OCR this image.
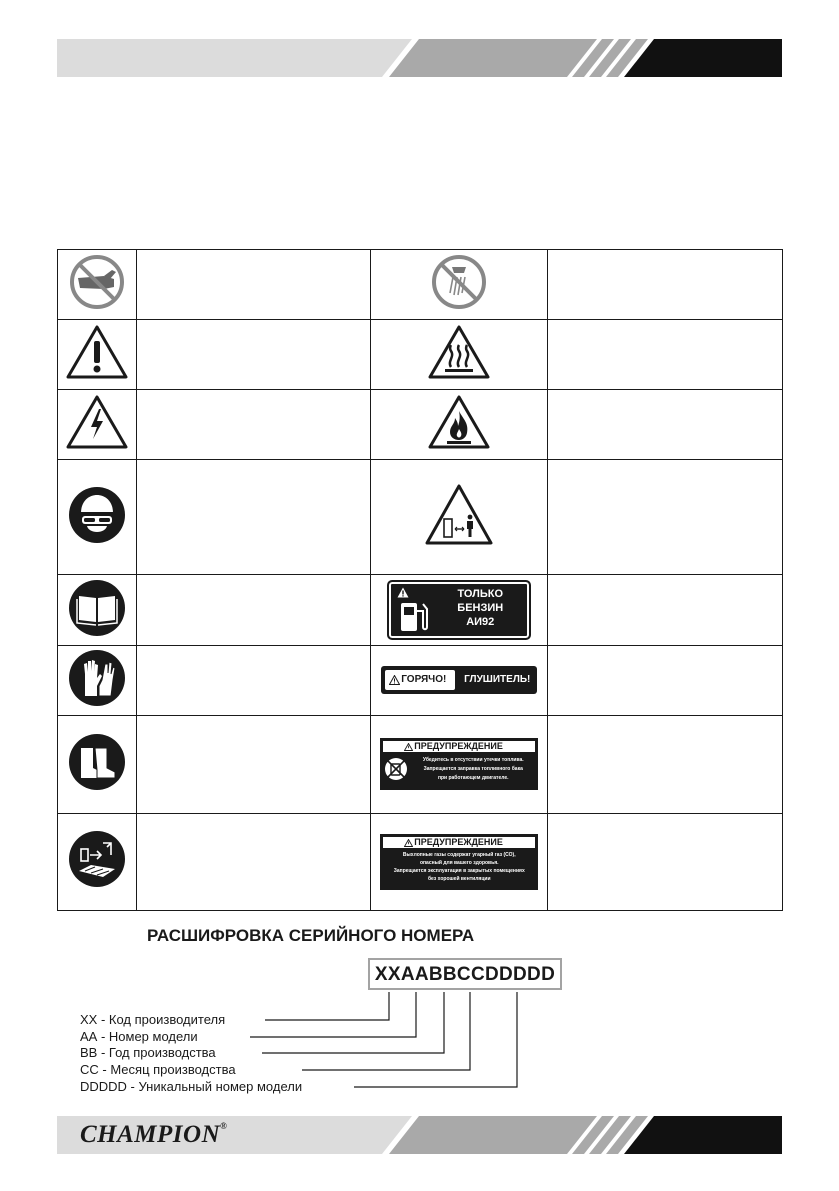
ТОЛЬКО
БЕНЗИН
АИ92	

ГОРЯЧО! ГЛУШИТЕЛЬ!	

ПРЕДУПРЕЖДЕНИЕ
Убедитесь в отсутствии утечки топлива.
Запрещается заправка топливного бака
при работающем двигателе.	

ПРЕДУПРЕЖДЕНИЕ
Выхлопные газы содержат угарный газ (СО),
опасный для вашего здоровья.
Запрещается эксплуатация в закрытых помещениях
без хорошей вентиляции	

РАСШИФРОВКА СЕРИЙНОГО НОМЕРА
XXAABBCCDDDDD
ХХ - Код производителя
АА - Номер модели
ВВ - Год производства
СС - Месяц производства
DDDDD - Уникальный номер модели
CHAMPION®
